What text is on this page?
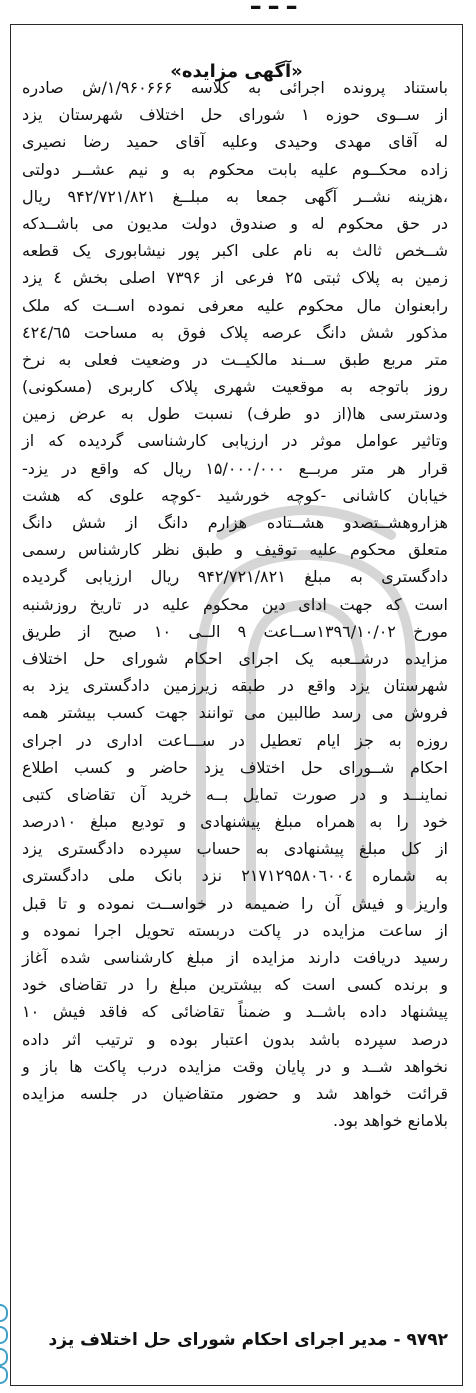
ـ ـ ـ
«آگهی مزایده»
باستناد پرونده اجرائی به کلاسه ۱/۹۶۰۶۶۶/ش صادره
از ســوی حوزه ۱ شورای حل اختلاف شهرستان یزد
له آقای مهدی وحیدی وعلیه آقای حمید رضا نصیری
زاده محکــوم علیه بابت محکوم به و نیم عشــر دولتی
،هزینه نشــر آگهی جمعا به مبلــغ ۹۴۲/۷۲۱/۸۲۱ ریال
در حق محکوم له و صندوق دولت مدیون می باشــدکه
شــخص ثالث به نام علی اکبر پور نیشابوری یک قطعه
زمین به پلاک ثبتی ۲۵ فرعی از ۷۳۹۶ اصلی بخش ٤ یزد
رابعنوان مال محکوم علیه معرفی نموده اســت که ملک
مذکور شش دانگ عرصه پلاک فوق به مساحت ٤۲٤/٦۵
متر مربع طبق ســند مالکیــت در وضعیت فعلی به نرخ
روز باتوجه به موقعیت شهری پلاک کاربری (مسکونی)
ودسترسی ها(از دو طرف) نسبت طول به عرض زمین
وتاثیر عوامل موثر در ارزیابی کارشناسی گردیده که از
قرار هر متر مربــع ۱۵/۰۰۰/۰۰۰ ریال که واقع در یزد-
خیابان کاشانی -کوچه خورشید -کوچه علوی که هشت
هزاروهشــتصدو هشــتاده هزارم دانگ از شش دانگ
متعلق محکوم علیه توقیف و طبق نظر کارشناس رسمی
دادگستری به مبلغ ۹۴۲/۷۲۱/۸۲۱ ریال ارزیابی گردیده
است که جهت ادای دین محکوم علیه در تاریخ روزشنبه
مورخ ۱۳۹٦/۱۰/۰۲ســاعت ۹ الــی ۱۰ صبح از طریق
مزایده درشــعبه یک اجرای احکام شورای حل اختلاف
شهرستان یزد واقع در طبقه زیرزمین دادگستری یزد به
فروش می رسد طالبین می توانند جهت کسب بیشتر همه
روزه به جز ایام تعطیل در ســـاعت اداری در اجرای
احکام شــورای حل اختلاف یزد حاضر و کسب اطلاع
نماینــد و در صورت تمایل بــه خرید آن تقاضای کتبی
خود را به همراه مبلغ پیشنهادی و تودیع مبلغ ۱۰درصد
از کل مبلغ پیشنهادی به حساب سپرده دادگستری یزد
به شماره ۲۱۷۱۲۹۵۸۰٦۰۰٤ نزد بانک ملی دادگستری
واریز و فیش آن را ضمیمه در خواســت نموده و تا قبل
از ساعت مزایده در پاکت دربسته تحویل اجرا نموده و
رسید دریافت دارند مزایده از مبلغ کارشناسی شده آغاز
و برنده کسی است که بیشترین مبلغ را در تقاضای خود
پیشنهاد داده باشــد و ضمناً تقاضائی که فاقد فیش ۱۰
درصد سپرده باشد بدون اعتبار بوده و ترتیب اثر داده
نخواهد شــد و در پایان وقت مزایده درب پاکت ها باز و
قرائت خواهد شد و حضور متقاضیان در جلسه مزایده
بلامانع خواهد بود.
۹۷۹۲ - مدیر اجرای احکام شورای حل اختلاف یزد
